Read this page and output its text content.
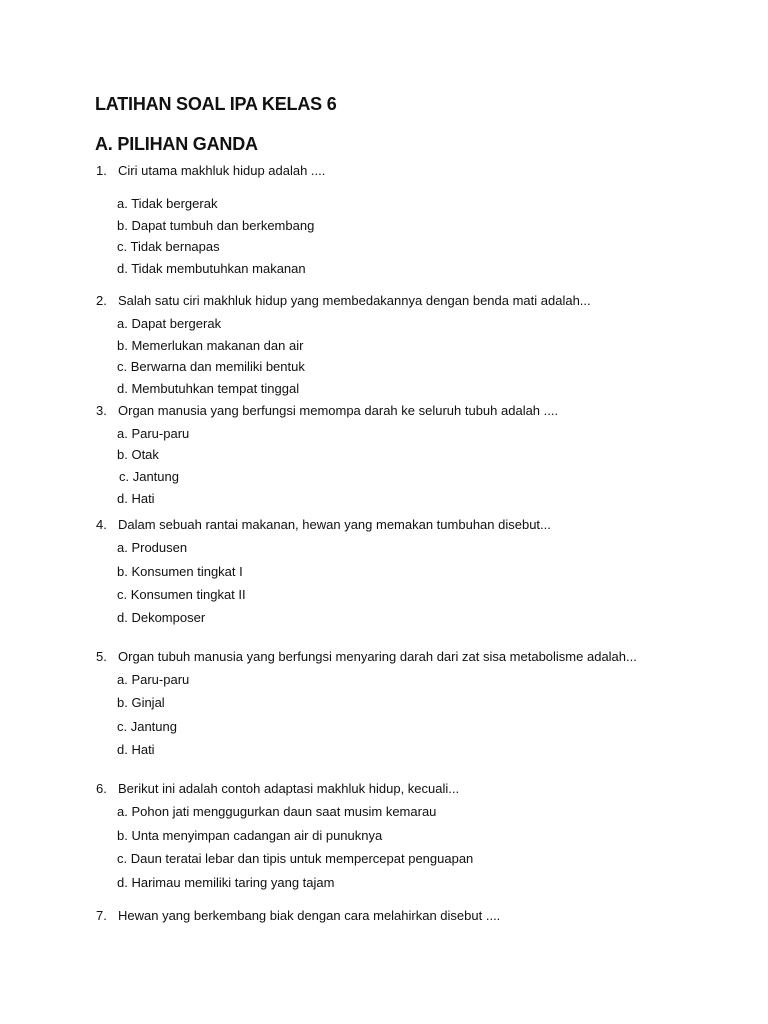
LATIHAN SOAL IPA KELAS 6
A. PILIHAN GANDA
1. Ciri utama makhluk hidup adalah ....
a. Tidak bergerak
b. Dapat tumbuh dan berkembang
c. Tidak bernapas
d. Tidak membutuhkan makanan
2. Salah satu ciri makhluk hidup yang membedakannya dengan benda mati adalah...
a. Dapat bergerak
b. Memerlukan makanan dan air
c. Berwarna dan memiliki bentuk
d. Membutuhkan tempat tinggal
3. Organ manusia yang berfungsi memompa darah ke seluruh tubuh adalah ....
a. Paru-paru
b. Otak
c. Jantung
d. Hati
4. Dalam sebuah rantai makanan, hewan yang memakan tumbuhan disebut...
a. Produsen
b. Konsumen tingkat I
c. Konsumen tingkat II
d. Dekomposer
5. Organ tubuh manusia yang berfungsi menyaring darah dari zat sisa metabolisme adalah...
a. Paru-paru
b. Ginjal
c. Jantung
d. Hati
6. Berikut ini adalah contoh adaptasi makhluk hidup, kecuali...
a. Pohon jati menggugurkan daun saat musim kemarau
b. Unta menyimpan cadangan air di punuknya
c. Daun teratai lebar dan tipis untuk mempercepat penguapan
d. Harimau memiliki taring yang tajam
7. Hewan yang berkembang biak dengan cara melahirkan disebut ....
